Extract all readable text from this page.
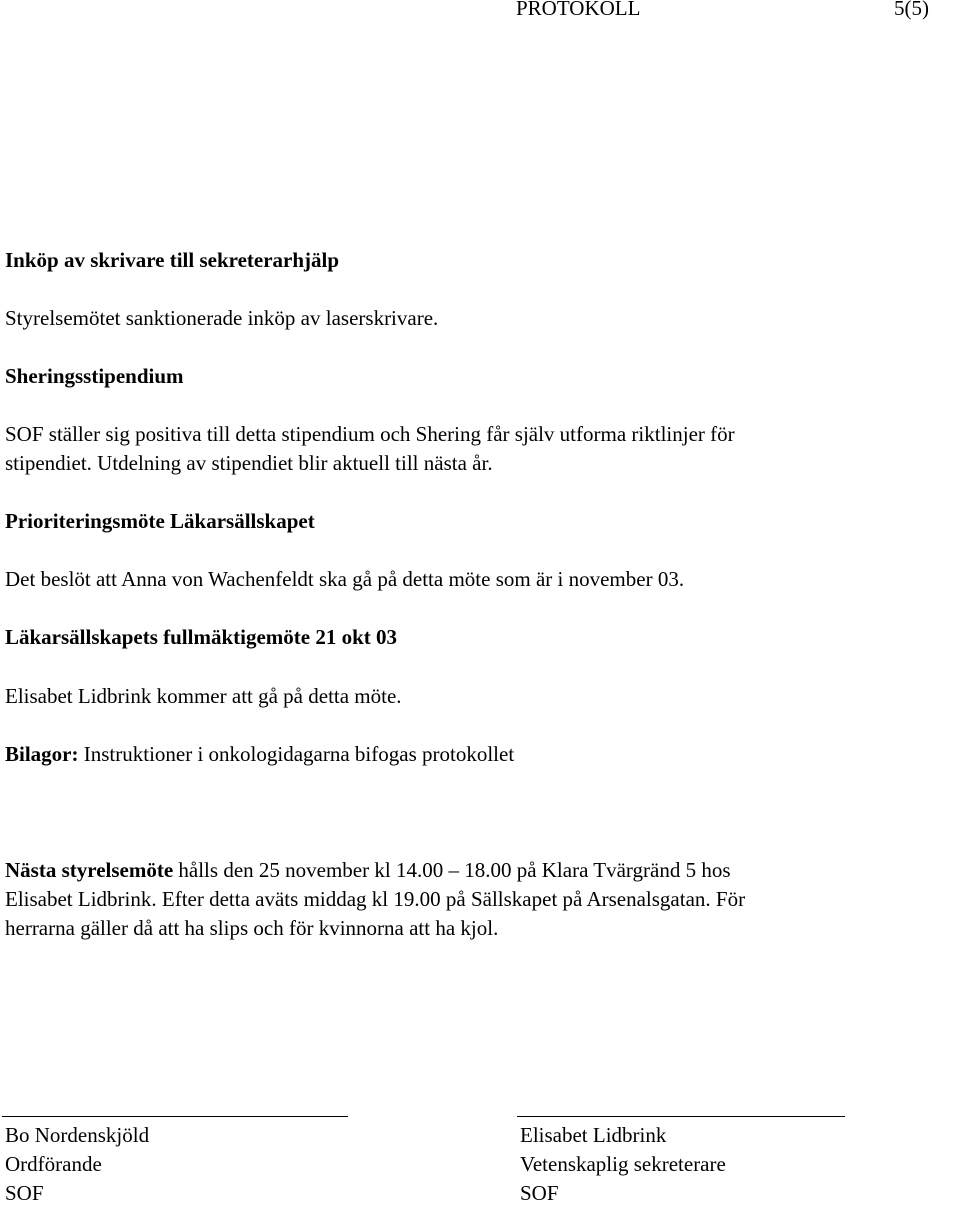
PROTOKOLL	5(5)
Inköp av skrivare till sekreterarhjälp
Styrelsemötet sanktionerade inköp av laserskrivare.
Sheringsstipendium
SOF ställer sig positiva till detta stipendium och Shering får själv utforma riktlinjer för
stipendiet. Utdelning av stipendiet blir aktuell till nästa år.
Prioriteringsmöte Läkarsällskapet
Det beslöt att Anna von Wachenfeldt ska gå på detta möte som är i november 03.
Läkarsällskapets fullmäktigemöte 21 okt 03
Elisabet Lidbrink kommer att gå på detta möte.
Bilagor: Instruktioner i onkologidagarna bifogas protokollet
Nästa styrelsemöte hålls den 25 november kl 14.00 – 18.00 på Klara Tvärgränd 5 hos
Elisabet Lidbrink. Efter detta aväts middag kl 19.00 på Sällskapet på Arsenalsgatan. För
herrarna gäller då att ha slips och för kvinnorna att ha kjol.
Bo Nordenskjöld
Ordförande
SOF
Elisabet Lidbrink
Vetenskaplig sekreterare
SOF
